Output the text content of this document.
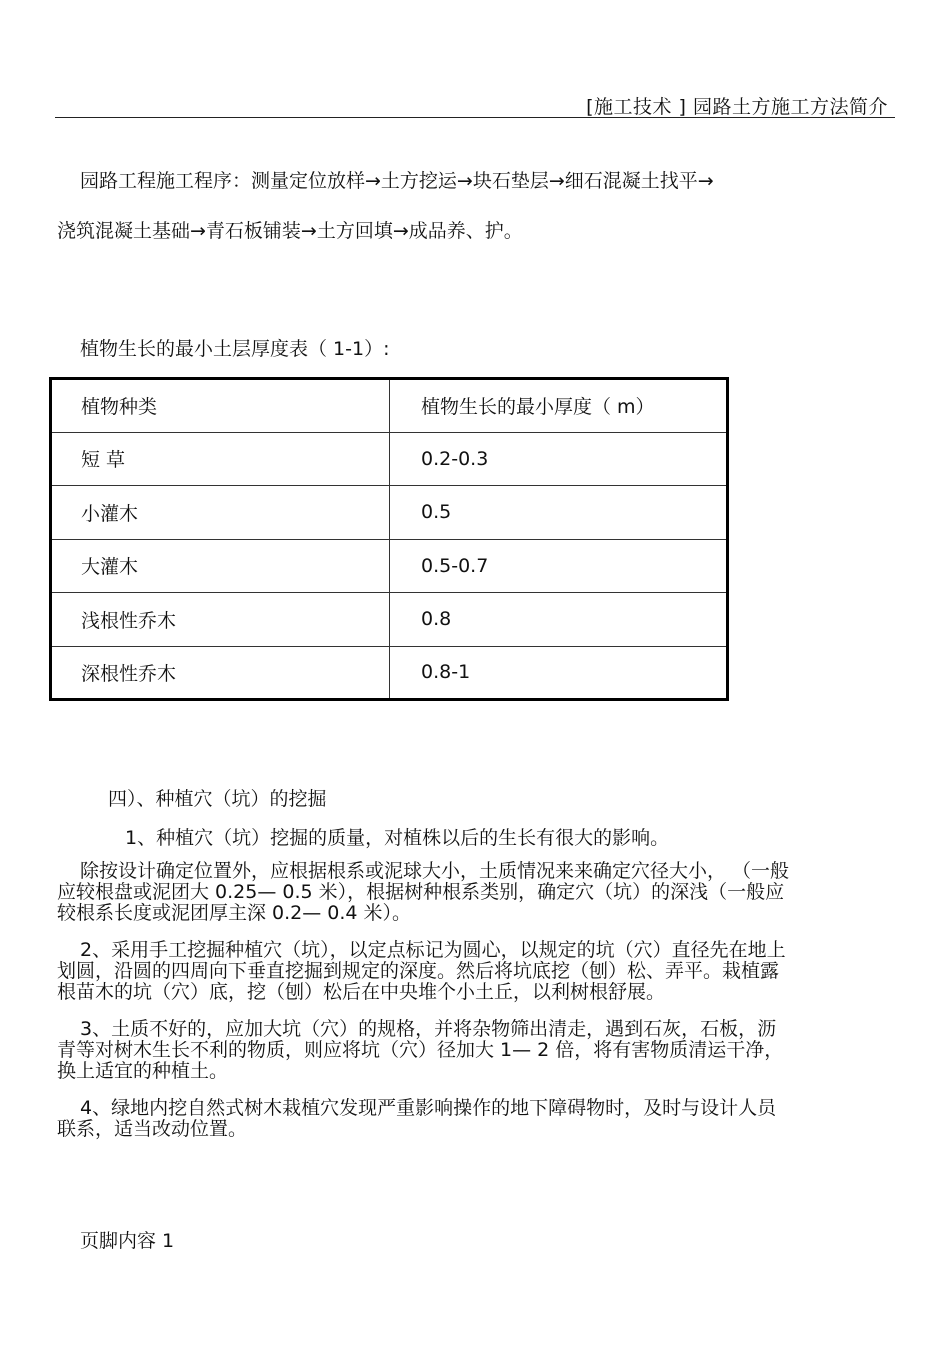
[施工技术 ] 园路土方施工方法简介
园路工程施工程序：测量定位放样→土方挖运→块石垫层→细石混凝土找平→
浇筑混凝土基础→青石板铺装→土方回填→成品养、护。
植物生长的最小土层厚度表（ 1-1）:
植物种类	植物生长的最小厚度（ m）
短 草	0.2-0.3
小灌木	0.5
大灌木	0.5-0.7
浅根性乔木	0.8
深根性乔木	0.8-1
四）、种植穴（坑）的挖掘
1、种植穴（坑）挖掘的质量，对植株以后的生长有很大的影响。
除按设计确定位置外，应根据根系或泥球大小，土质情况来来确定穴径大小， （一般
应较根盘或泥团大 0.25— 0.5 米），根据树种根系类别，确定穴（坑）的深浅（一般应
较根系长度或泥团厚主深 0.2— 0.4 米）。
2、采用手工挖掘种植穴（坑），以定点标记为圆心，以规定的坑（穴）直径先在地上
划圆，沿圆的四周向下垂直挖掘到规定的深度。然后将坑底挖（刨）松、弄平。栽植露
根苗木的坑（穴）底，挖（刨）松后在中央堆个小土丘，以利树根舒展。
3、土质不好的，应加大坑（穴）的规格，并将杂物筛出清走，遇到石灰，石板，沥
青等对树木生长不利的物质，则应将坑（穴）径加大 1— 2 倍，将有害物质清运干净，
换上适宜的种植土。
4、绿地内挖自然式树木栽植穴发现严重影响操作的地下障碍物时，及时与设计人员
联系，适当改动位置。
页脚内容 1
